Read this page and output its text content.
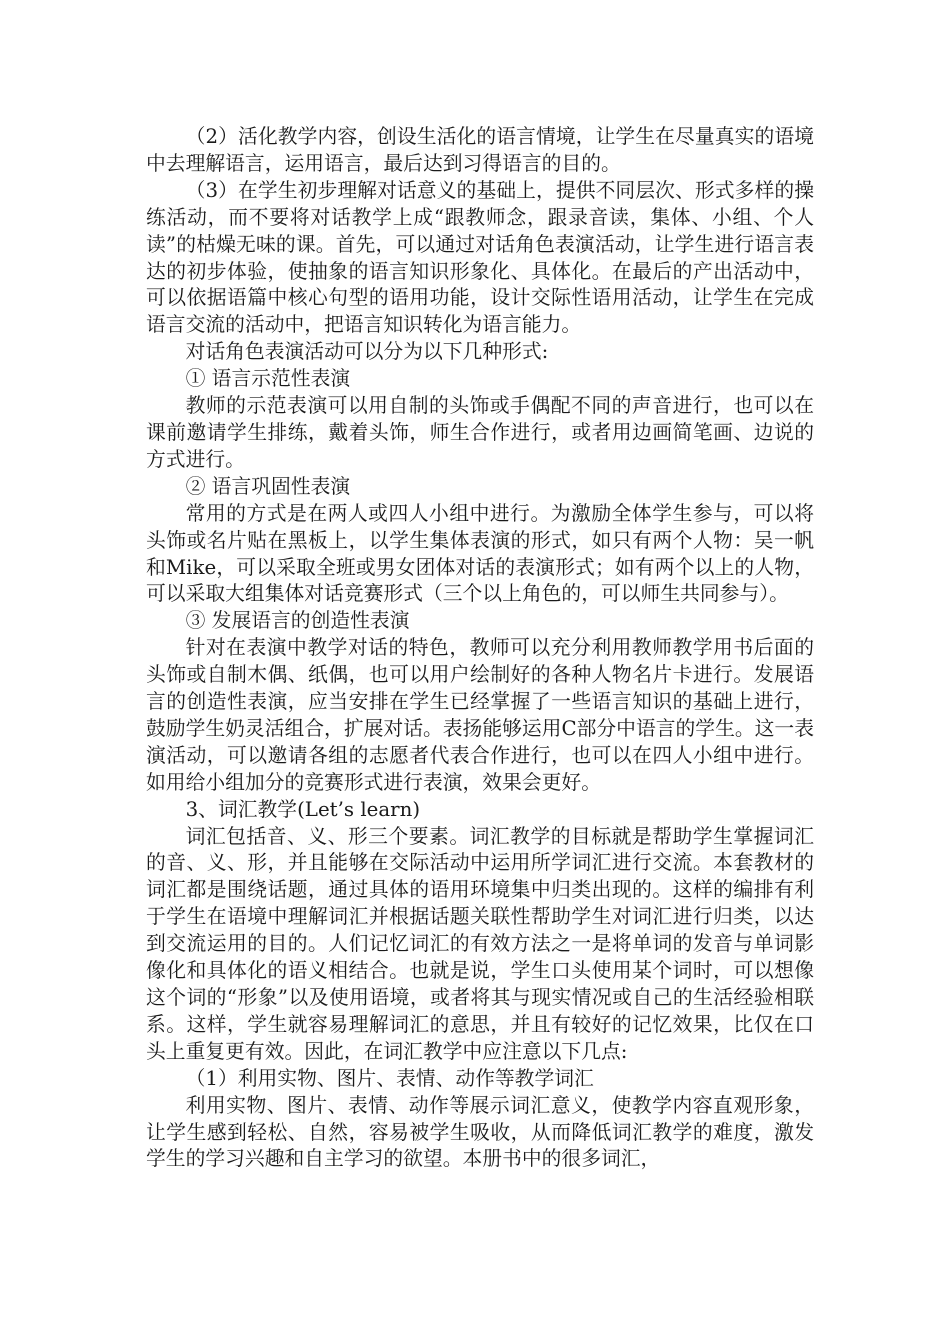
（2）活化教学内容，创设生活化的语言情境，让学生在尽量真实的语境中去理解语言，运用语言，最后达到习得语言的目的。

（3）在学生初步理解对话意义的基础上，提供不同层次、形式多样的操练活动，而不要将对话教学上成“跟教师念，跟录音读，集体、小组、个人读”的枯燥无味的课。首先，可以通过对话角色表演活动，让学生进行语言表达的初步体验，使抽象的语言知识形象化、具体化。在最后的产出活动中，可以依据语篇中核心句型的语用功能，设计交际性语用活动，让学生在完成语言交流的活动中，把语言知识转化为语言能力。

对话角色表演活动可以分为以下几种形式:

① 语言示范性表演

教师的示范表演可以用自制的头饰或手偶配不同的声音进行，也可以在课前邀请学生排练，戴着头饰，师生合作进行，或者用边画简笔画、边说的方式进行。

② 语言巩固性表演

常用的方式是在两人或四人小组中进行。为激励全体学生参与，可以将头饰或名片贴在黑板上，以学生集体表演的形式，如只有两个人物：吴一帆和Mike，可以采取全班或男女团体对话的表演形式；如有两个以上的人物，可以采取大组集体对话竞赛形式（三个以上角色的，可以师生共同参与）。

③ 发展语言的创造性表演

针对在表演中教学对话的特色，教师可以充分利用教师教学用书后面的头饰或自制木偶、纸偶，也可以用户绘制好的各种人物名片卡进行。发展语言的创造性表演，应当安排在学生已经掌握了一些语言知识的基础上进行，鼓励学生奶灵活组合，扩展对话。表扬能够运用C部分中语言的学生。这一表演活动，可以邀请各组的志愿者代表合作进行，也可以在四人小组中进行。如用给小组加分的竞赛形式进行表演，效果会更好。

3、词汇教学(Let’s learn)

词汇包括音、义、形三个要素。词汇教学的目标就是帮助学生掌握词汇的音、义、形，并且能够在交际活动中运用所学词汇进行交流。本套教材的词汇都是围绕话题，通过具体的语用环境集中归类出现的。这样的编排有利于学生在语境中理解词汇并根据话题关联性帮助学生对词汇进行归类，以达到交流运用的目的。人们记忆词汇的有效方法之一是将单词的发音与单词影像化和具体化的语义相结合。也就是说，学生口头使用某个词时，可以想像这个词的“形象”以及使用语境，或者将其与现实情况或自己的生活经验相联系。这样，学生就容易理解词汇的意思，并且有较好的记忆效果，比仅在口头上重复更有效。因此，在词汇教学中应注意以下几点:

（1）利用实物、图片、表情、动作等教学词汇

利用实物、图片、表情、动作等展示词汇意义，使教学内容直观形象，让学生感到轻松、自然，容易被学生吸收，从而降低词汇教学的难度，激发学生的学习兴趣和自主学习的欲望。本册书中的很多词汇，
